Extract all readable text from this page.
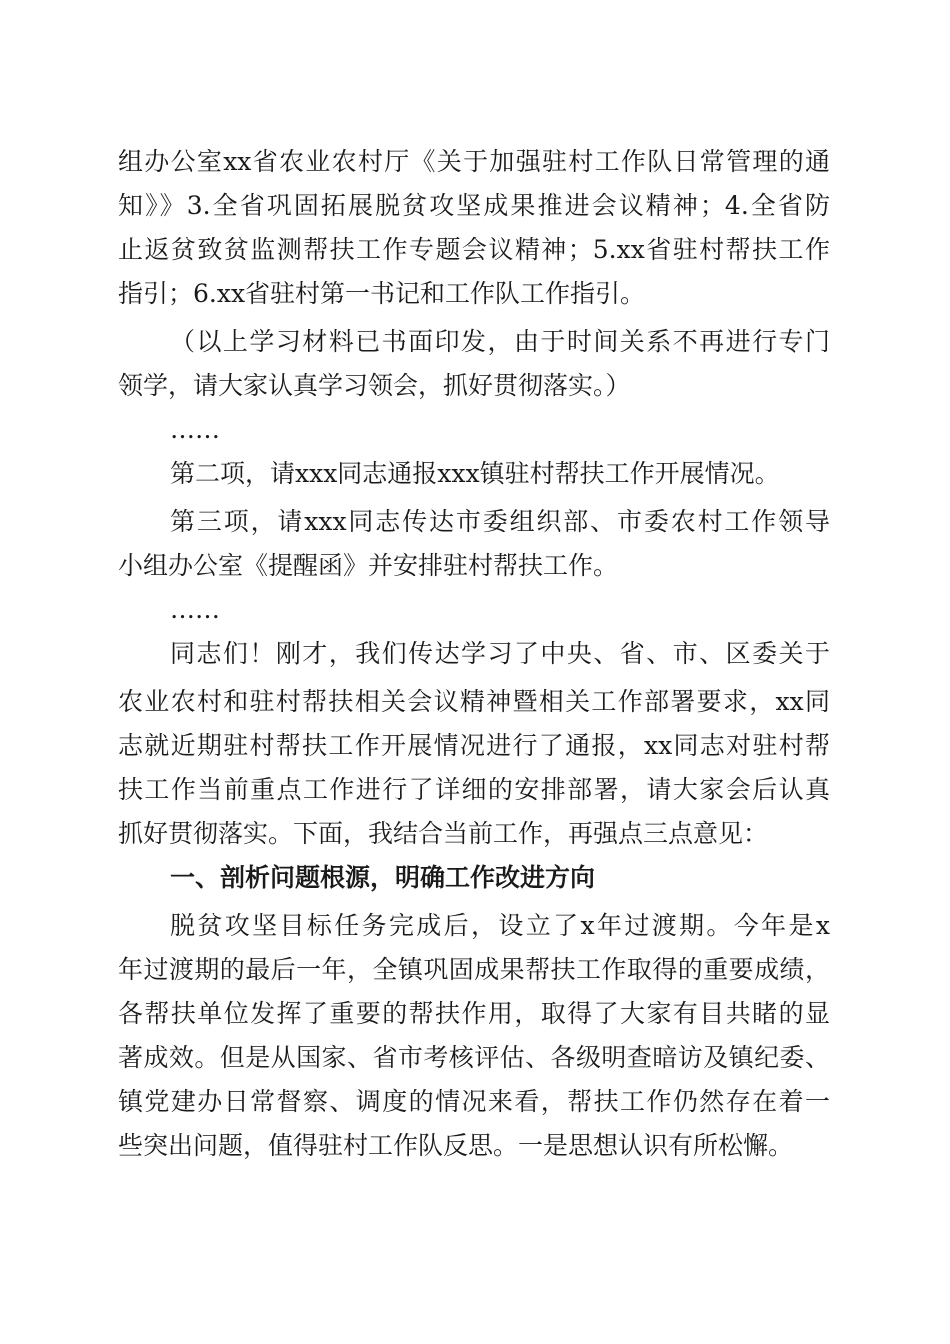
组办公室xx省农业农村厅《关于加强驻村工作队日常管理的通
知》》3.全省巩固拓展脱贫攻坚成果推进会议精神；4.全省防
止返贫致贫监测帮扶工作专题会议精神；5.xx省驻村帮扶工作
指引；6.xx省驻村第一书记和工作队工作指引。
（以上学习材料已书面印发，由于时间关系不再进行专门
领学，请大家认真学习领会，抓好贯彻落实。）
……
第二项，请xxx同志通报xxx镇驻村帮扶工作开展情况。
第三项，请xxx同志传达市委组织部、市委农村工作领导
小组办公室《提醒函》并安排驻村帮扶工作。
……
同志们！刚才，我们传达学习了中央、省、市、区委关于
农业农村和驻村帮扶相关会议精神暨相关工作部署要求，xx同
志就近期驻村帮扶工作开展情况进行了通报，xx同志对驻村帮
扶工作当前重点工作进行了详细的安排部署，请大家会后认真
抓好贯彻落实。下面，我结合当前工作，再强点三点意见：
一、剖析问题根源，明确工作改进方向
脱贫攻坚目标任务完成后，设立了x年过渡期。今年是x
年过渡期的最后一年，全镇巩固成果帮扶工作取得的重要成绩，
各帮扶单位发挥了重要的帮扶作用，取得了大家有目共睹的显
著成效。但是从国家、省市考核评估、各级明查暗访及镇纪委、
镇党建办日常督察、调度的情况来看，帮扶工作仍然存在着一
些突出问题，值得驻村工作队反思。一是思想认识有所松懈。
